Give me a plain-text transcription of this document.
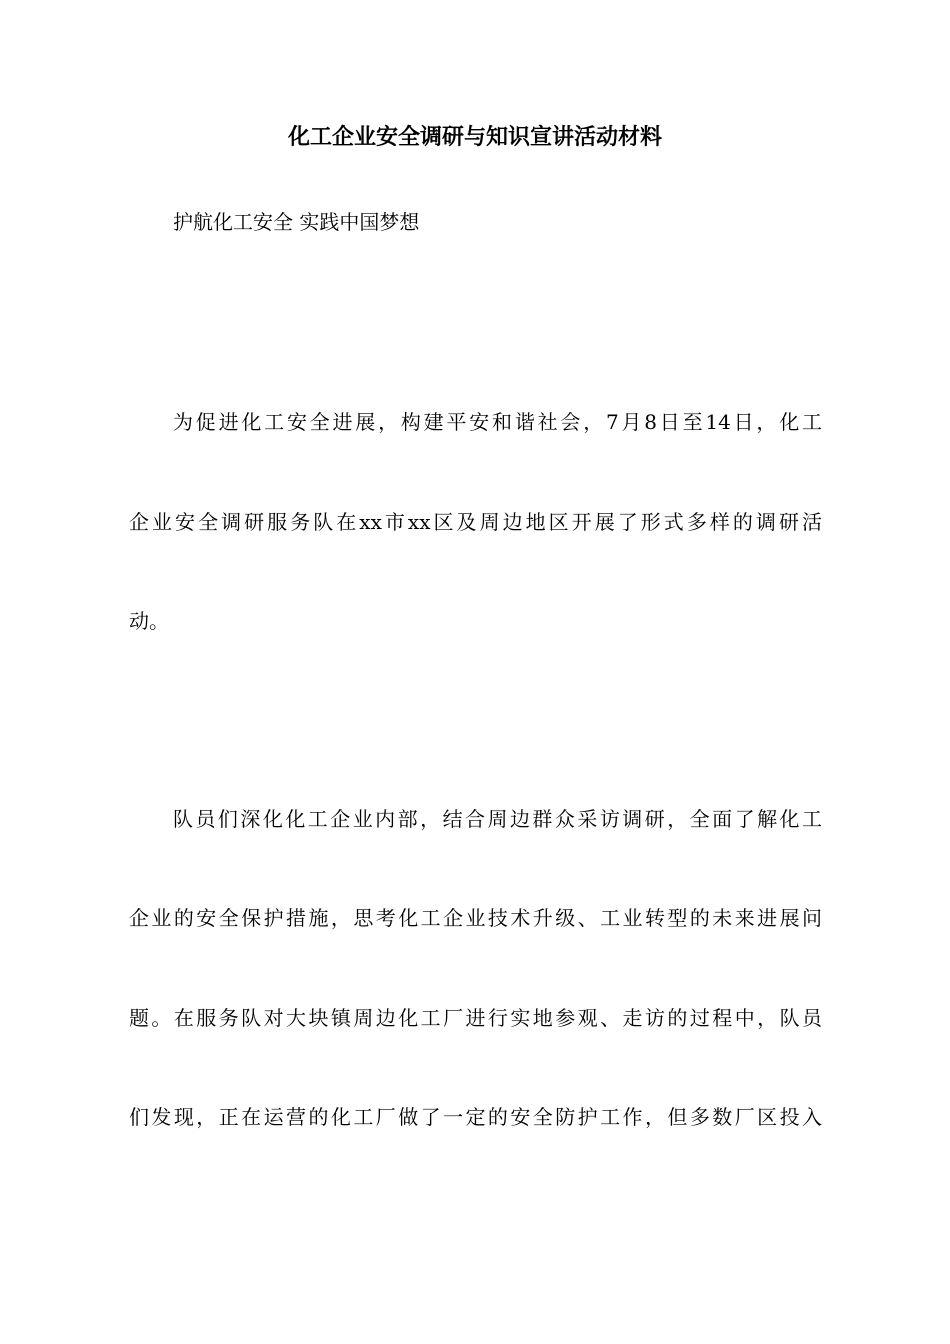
化工企业安全调研与知识宣讲活动材料

护航化工安全 实践中国梦想

为促进化工安全进展，构建平安和谐社会，7月8日至14日，化工

企业安全调研服务队在xx市xx区及周边地区开展了形式多样的调研活

动。

队员们深化化工企业内部，结合周边群众采访调研，全面了解化工

企业的安全保护措施，思考化工企业技术升级、工业转型的未来进展问

题。在服务队对大块镇周边化工厂进行实地参观、走访的过程中，队员

们发现，正在运营的化工厂做了一定的安全防护工作，但多数厂区投入
